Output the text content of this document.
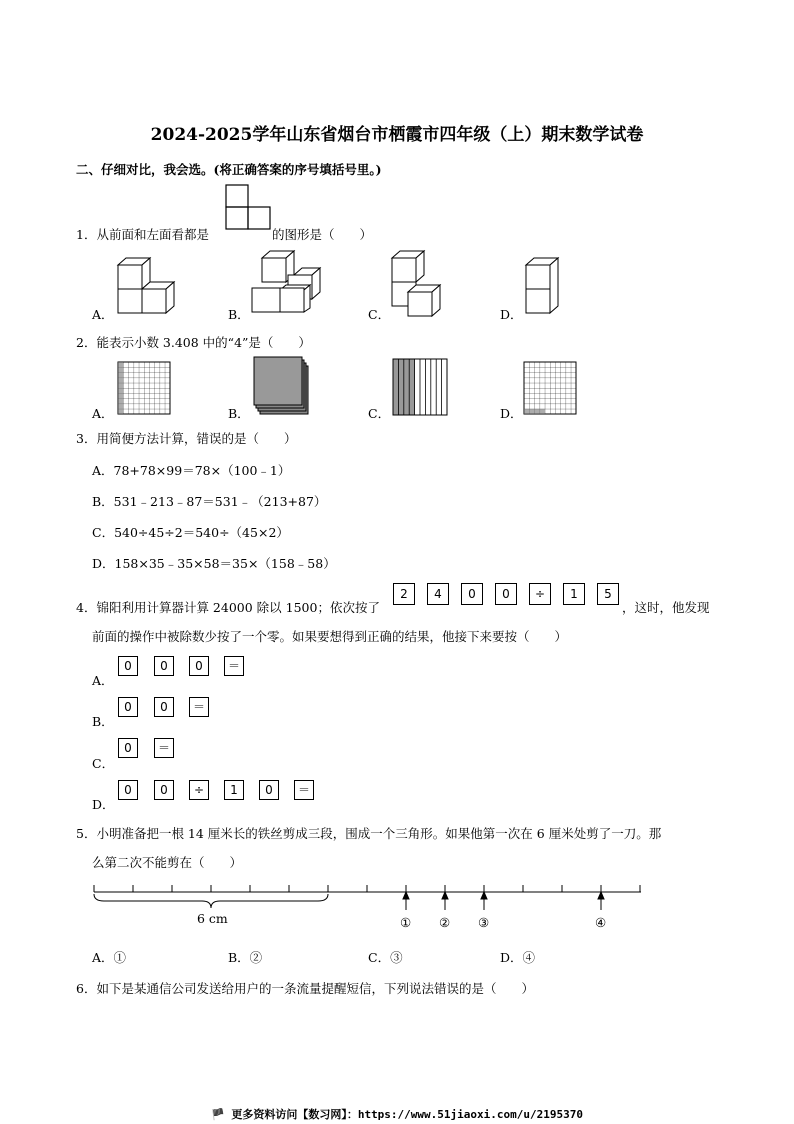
2024-2025学年山东省烟台市栖霞市四年级（上）期末数学试卷
二、仔细对比，我会选。(将正确答案的序号填括号里。)
1．从前面和左面看都是	的图形是（　　）
A．	B．	C．	D．
2．能表示小数 3.408 中的“4”是（　　）
A．	B．	C．	D．
3．用简便方法计算，错误的是（　　）
A．78+78×99＝78×（100﹣1）
B．531﹣213﹣87＝531﹣（213+87）
C．540÷45÷2＝540÷（45×2）
D．158×35﹣35×58＝35×（158﹣58）
4．锦阳利用计算器计算 24000 除以 1500；依次按了
2	4	0	0	÷	1	5
，这时，他发现
前面的操作中被除数少按了一个零。如果要想得到正确的结果，他接下来要按（　　）
A．
0	0	0	＝
B．
0	0	＝
C．
0	＝
D．
0	0	÷	1	0	＝
5．小明准备把一根 14 厘米长的铁丝剪成三段，围成一个三角形。如果他第一次在 6 厘米处剪了一刀。那
么第二次不能剪在（　　）
6 cm	① ② ③	④
A．①	B．②	C．③	D．④
6．如下是某通信公司发送给用户的一条流量提醒短信，下列说法错误的是（　　）
🏴 更多资料访问【数习网】：https://www.51jiaoxi.com/u/2195370
